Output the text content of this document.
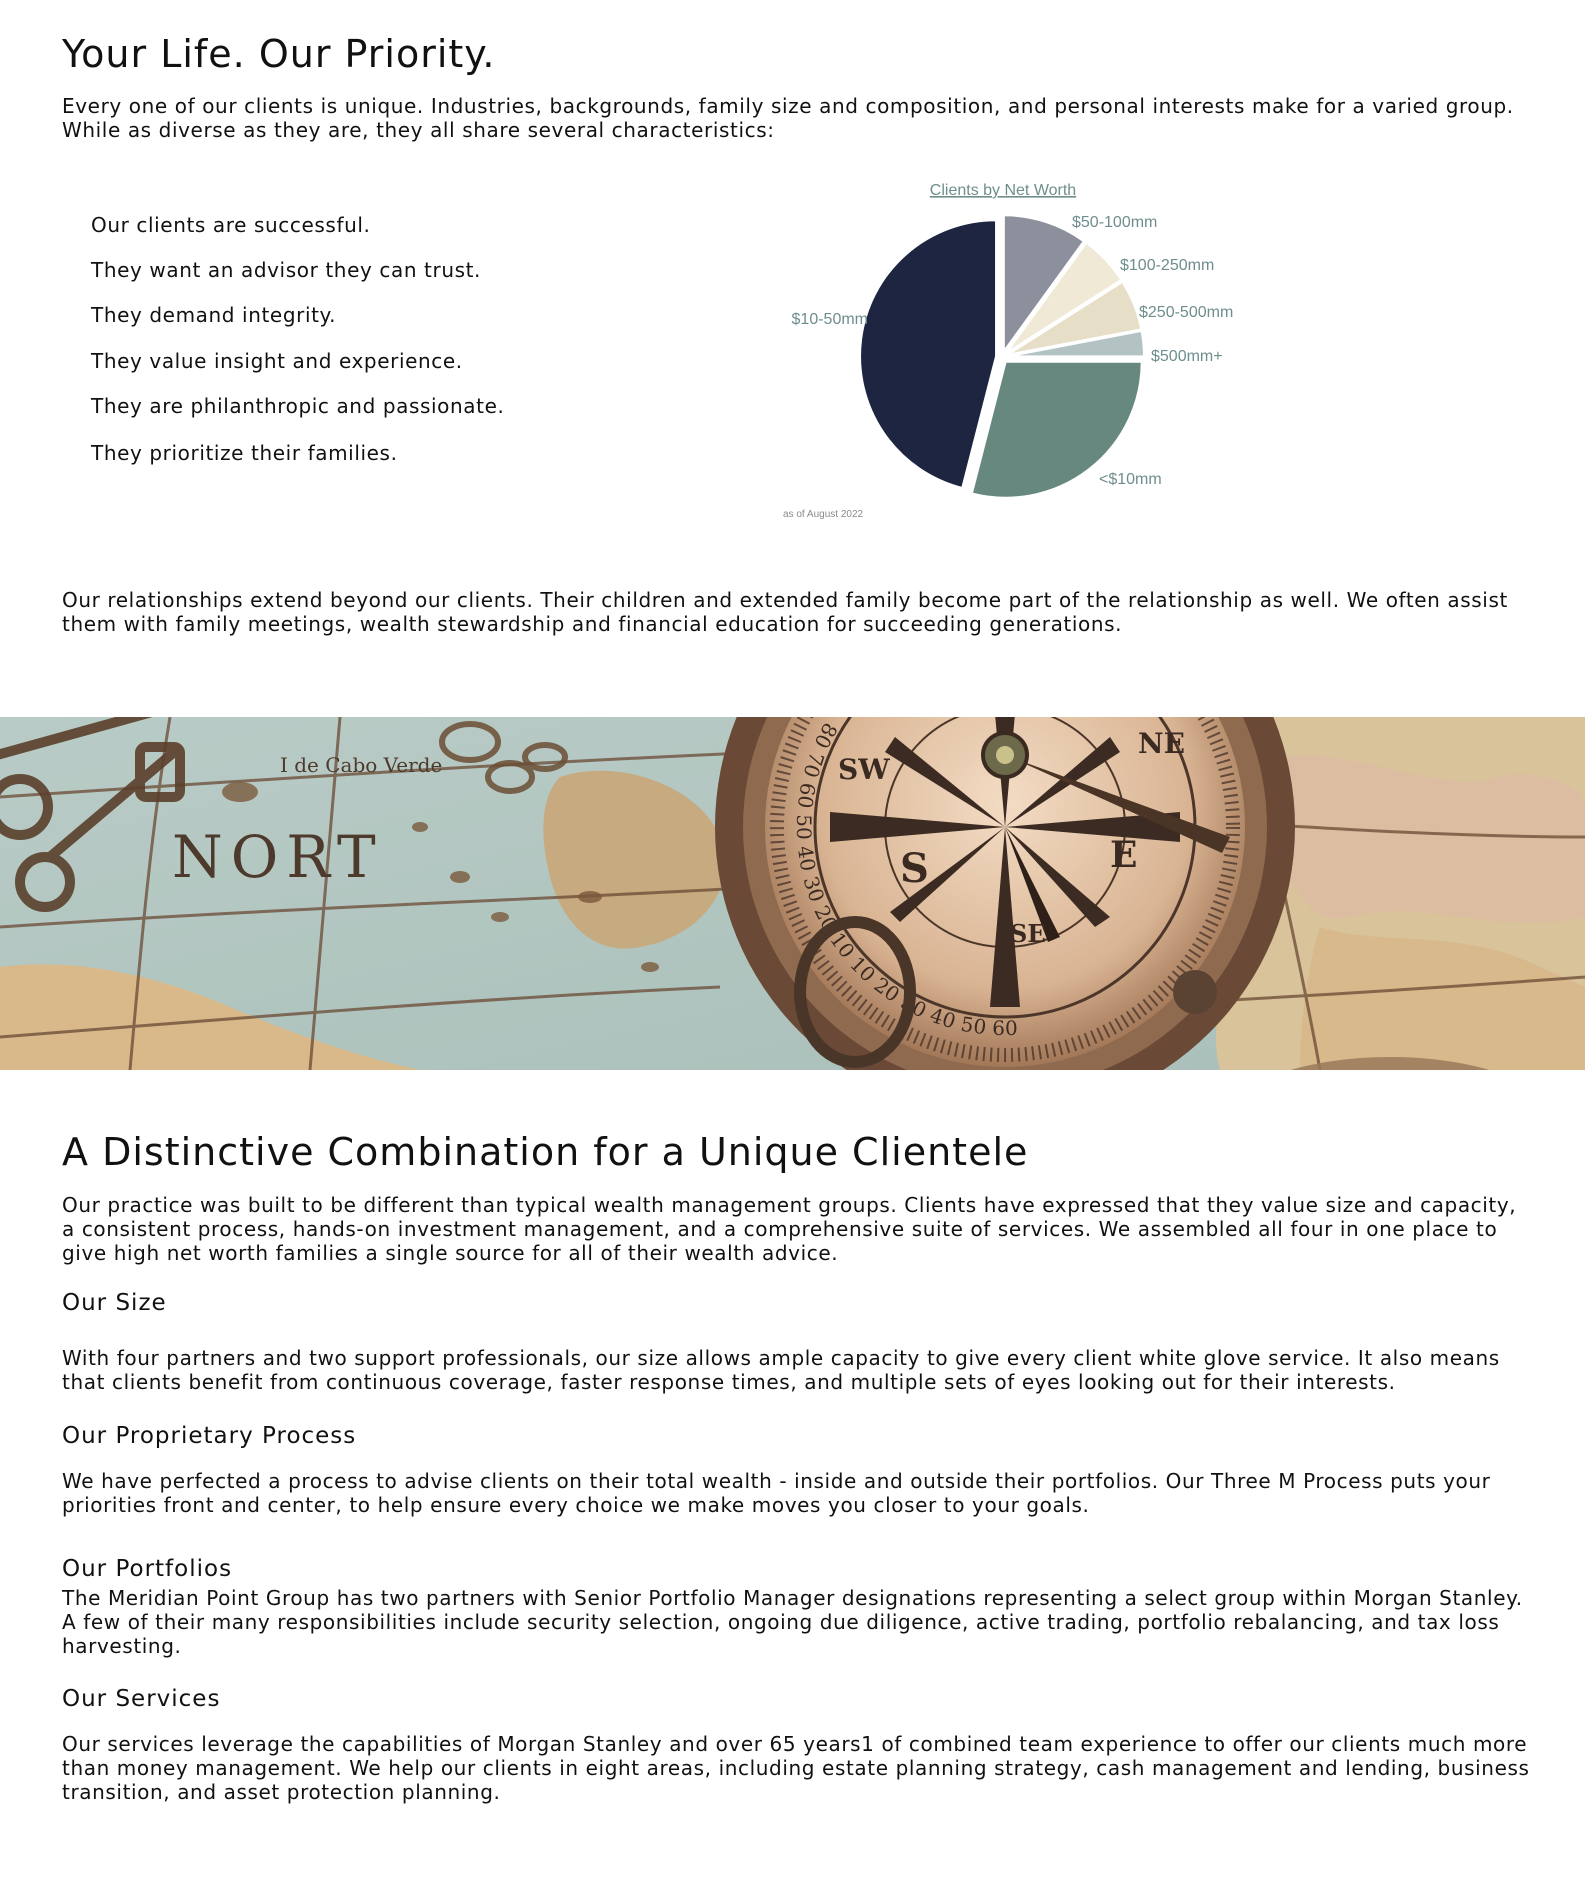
Your Life. Our Priority.

Every one of our clients is unique. Industries, backgrounds, family size and composition, and personal interests make for a varied group. While as diverse as they are, they all share several characteristics:

Our clients are successful.
They want an advisor they can trust.
They demand integrity.
They value insight and experience.
They are philanthropic and passionate.
They prioritize their families.
Clients by Net Worth
$50-100mm
$100-250mm
$250-500mm
$500mm+
<$10mm
$10-50mm
as of August 2022

Our relationships extend beyond our clients. Their children and extended family become part of the relationship as well. We often assist them with family meetings, wealth stewardship and financial education for succeeding generations.

NORT
I de Cabo Verde	SW
NE
S	E
SE
60
50
40
30
20
10
10
20
30
40
50
60
70
80
A Distinctive Combination for a Unique Clientele

Our practice was built to be different than typical wealth management groups. Clients have expressed that they value size and capacity, a consistent process, hands-on investment management, and a comprehensive suite of services. We assembled all four in one place to give high net worth families a single source for all of their wealth advice.

Our Size

With four partners and two support professionals, our size allows ample capacity to give every client white glove service. It also means that clients benefit from continuous coverage, faster response times, and multiple sets of eyes looking out for their interests.

Our Proprietary Process

We have perfected a process to advise clients on their total wealth - inside and outside their portfolios. Our Three M Process puts your priorities front and center, to help ensure every choice we make moves you closer to your goals.

Our Portfolios

The Meridian Point Group has two partners with Senior Portfolio Manager designations representing a select group within Morgan Stanley. A few of their many responsibilities include security selection, ongoing due diligence, active trading, portfolio rebalancing, and tax loss harvesting.

Our Services

Our services leverage the capabilities of Morgan Stanley and over 65 years1 of combined team experience to offer our clients much more than money management. We help our clients in eight areas, including estate planning strategy, cash management and lending, business transition, and asset protection planning.
